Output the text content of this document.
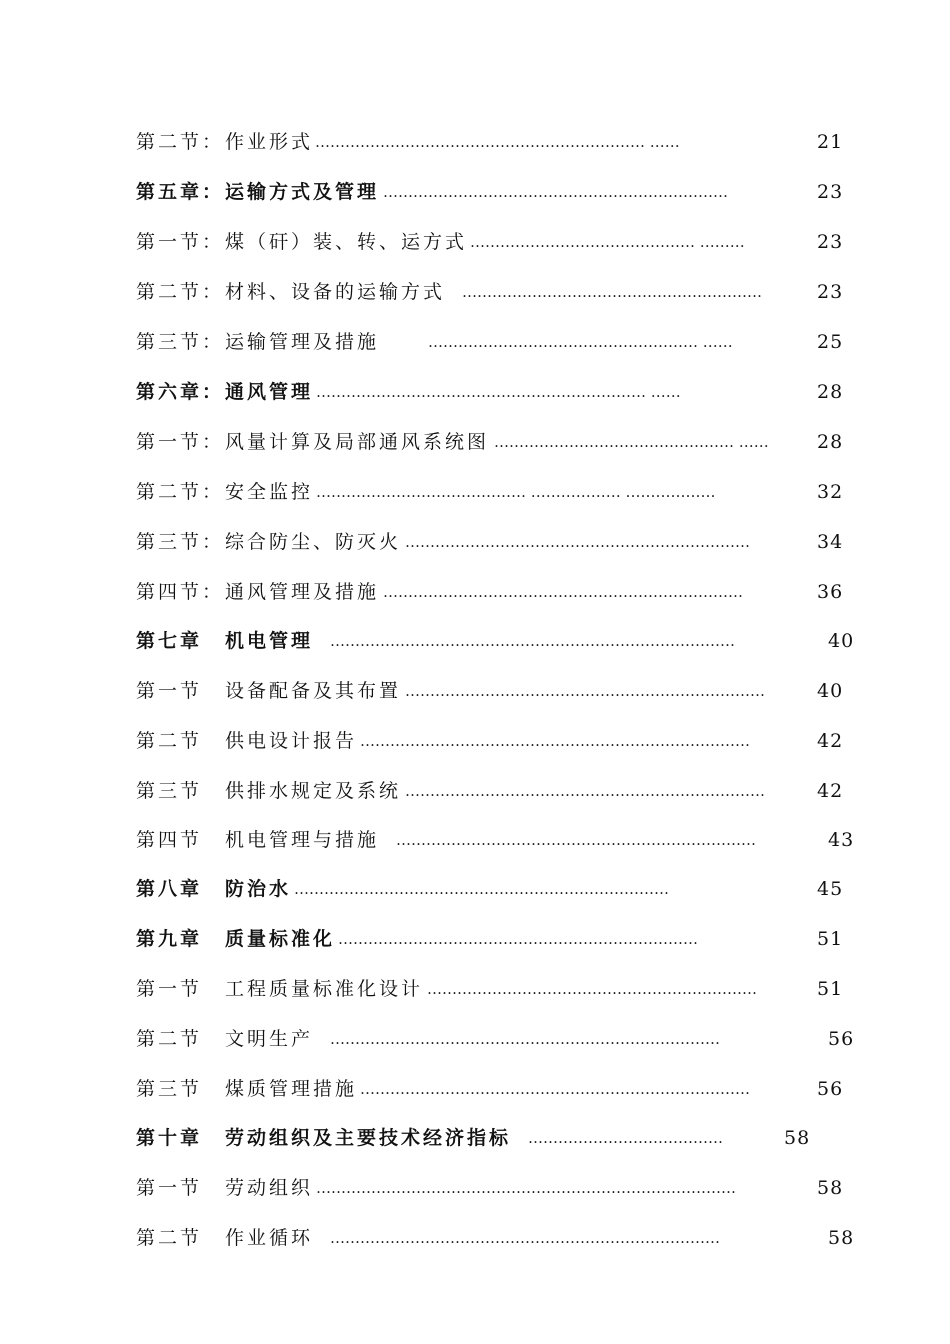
第二节： 作业形式 ………………………………………………………… ……	21
第五章： 运输方式及管理 ……………………………………………………………	23
第一节： 煤（矸）装、转、运方式 ……………………………………… ………	23
第二节： 材料、设备的运输方式 ……………………………………………………	23
第三节： 运输管理及措施	……………………………………………… ……	25
第六章： 通风管理 ………………………………………………………… ……	28
第一节： 风量计算及局部通风系统图 ………………………………………… ……	28
第二节： 安全监控 …………………………………… ……………… ………………	32
第三节： 综合防尘、防灭火 ……………………………………………………………	34
第四节： 通风管理及措施 ………………………………………………………………	36
第七章 机电管理 ………………………………………………………………………	40
第一节 设备配备及其布置 ………………………………………………………………	40
第二节 供电设计报告 ……………………………………………………………………	42
第三节 供排水规定及系统 ………………………………………………………………	42
第四节 机电管理与措施 ………………………………………………………………	43
第八章 防治水 …………………………………………………………………	45
第九章 质量标准化 ………………………………………………………………	51
第一节 工程质量标准化设计 …………………………………………………………	51
第二节 文明生产 ……………………………………………………………………	56
第三节 煤质管理措施 ……………………………………………………………………	56
第十章 劳动组织及主要技术经济指标 …………………………………	58
第一节 劳动组织 …………………………………………………………………………	58
第二节 作业循环 ……………………………………………………………………	58
